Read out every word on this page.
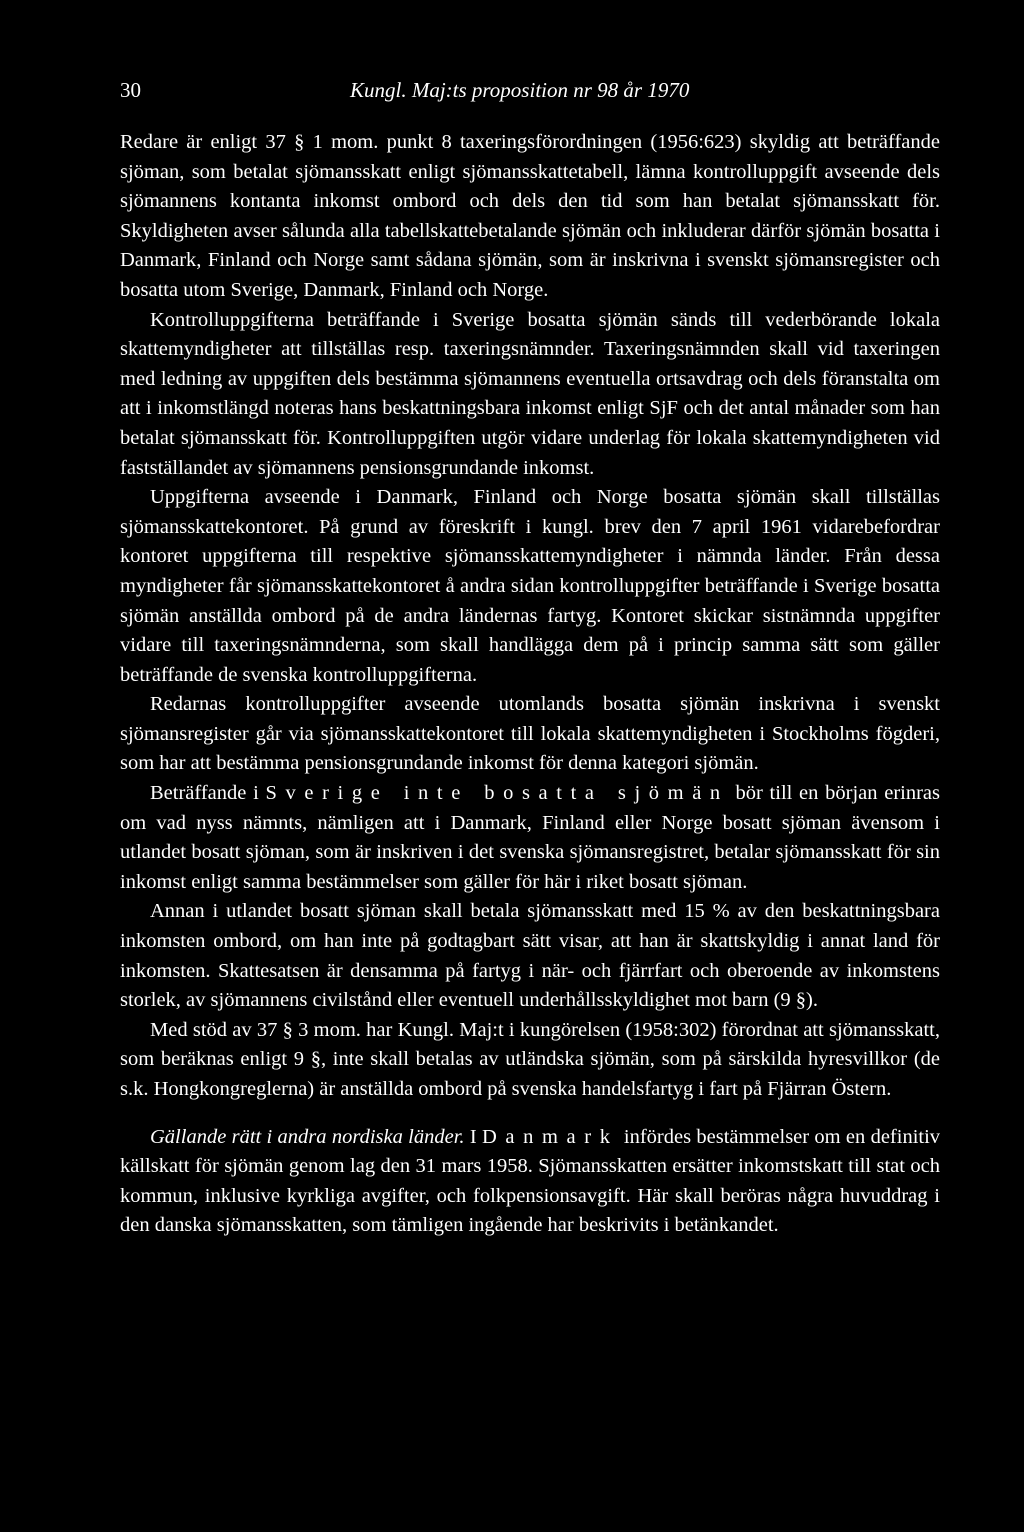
30	Kungl. Maj:ts proposition nr 98 år 1970

Redare är enligt 37 § 1 mom. punkt 8 taxeringsförordningen (1956:623) skyldig att beträffande sjöman, som betalat sjömansskatt enligt sjömansskattetabell, lämna kontrolluppgift avseende dels sjömannens kontanta inkomst ombord och dels den tid som han betalat sjömansskatt för. Skyldigheten avser sålunda alla tabellskattebetalande sjömän och inkluderar därför sjömän bosatta i Danmark, Finland och Norge samt sådana sjömän, som är inskrivna i svenskt sjömansregister och bosatta utom Sverige, Danmark, Finland och Norge.

Kontrolluppgifterna beträffande i Sverige bosatta sjömän sänds till vederbörande lokala skattemyndigheter att tillställas resp. taxeringsnämnder. Taxeringsnämnden skall vid taxeringen med ledning av uppgiften dels bestämma sjömannens eventuella ortsavdrag och dels föranstalta om att i inkomstlängd noteras hans beskattningsbara inkomst enligt SjF och det antal månader som han betalat sjömansskatt för. Kontrolluppgiften utgör vidare underlag för lokala skattemyndigheten vid fastställandet av sjömannens pensionsgrundande inkomst.

Uppgifterna avseende i Danmark, Finland och Norge bosatta sjömän skall tillställas sjömansskattekontoret. På grund av föreskrift i kungl. brev den 7 april 1961 vidarebefordrar kontoret uppgifterna till respektive sjömansskattemyndigheter i nämnda länder. Från dessa myndigheter får sjömansskattekontoret å andra sidan kontrolluppgifter beträffande i Sverige bosatta sjömän anställda ombord på de andra ländernas fartyg. Kontoret skickar sistnämnda uppgifter vidare till taxeringsnämnderna, som skall handlägga dem på i princip samma sätt som gäller beträffande de svenska kontrolluppgifterna.

Redarnas kontrolluppgifter avseende utomlands bosatta sjömän inskrivna i svenskt sjömansregister går via sjömansskattekontoret till lokala skattemyndigheten i Stockholms fögderi, som har att bestämma pensionsgrundande inkomst för denna kategori sjömän.

Beträffande i Sverige inte bosatta sjömän bör till en början erinras om vad nyss nämnts, nämligen att i Danmark, Finland eller Norge bosatt sjöman ävensom i utlandet bosatt sjöman, som är inskriven i det svenska sjömansregistret, betalar sjömansskatt för sin inkomst enligt samma bestämmelser som gäller för här i riket bosatt sjöman.

Annan i utlandet bosatt sjöman skall betala sjömansskatt med 15 % av den beskattningsbara inkomsten ombord, om han inte på godtagbart sätt visar, att han är skattskyldig i annat land för inkomsten. Skattesatsen är densamma på fartyg i när- och fjärrfart och oberoende av inkomstens storlek, av sjömannens civilstånd eller eventuell underhållsskyldighet mot barn (9 §).

Med stöd av 37 § 3 mom. har Kungl. Maj:t i kungörelsen (1958:302) förordnat att sjömansskatt, som beräknas enligt 9 §, inte skall betalas av utländska sjömän, som på särskilda hyresvillkor (de s.k. Hongkongreglerna) är anställda ombord på svenska handelsfartyg i fart på Fjärran Östern.

Gällande rätt i andra nordiska länder. I Danmark infördes bestämmelser om en definitiv källskatt för sjömän genom lag den 31 mars 1958. Sjömansskatten ersätter inkomstskatt till stat och kommun, inklusive kyrkliga avgifter, och folkpensionsavgift. Här skall beröras några huvuddrag i den danska sjömansskatten, som tämligen ingående har beskrivits i betänkandet.
